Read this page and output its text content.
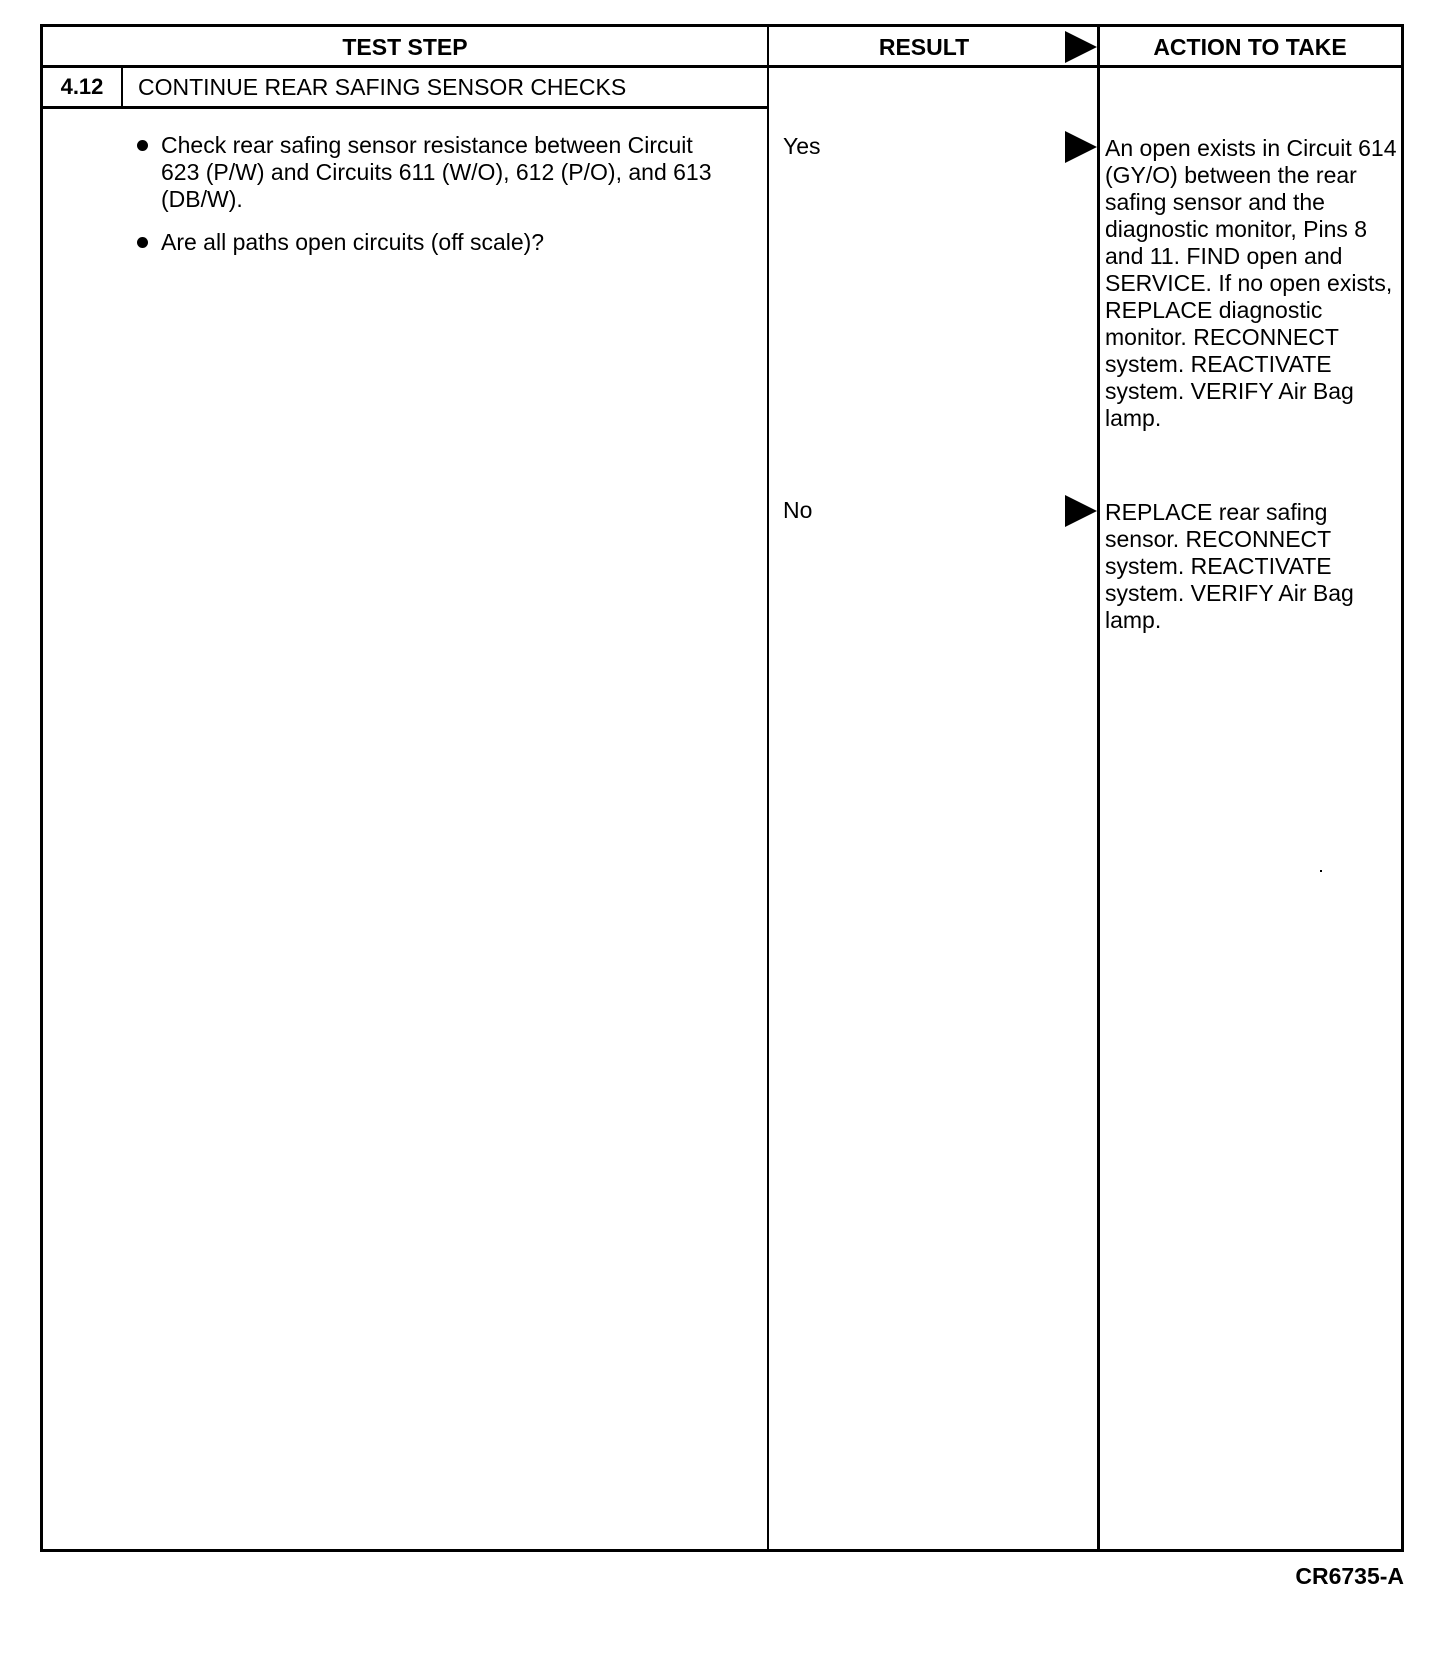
TEST STEP	RESULT	ACTION TO TAKE
4.12	CONTINUE REAR SAFING SENSOR CHECKS
Check rear safing sensor resistance between Circuit 623 (P/W) and Circuits 611 (W/O), 612 (P/O), and 613 (DB/W).
Are all paths open circuits (off scale)?
Yes	An open exists in Circuit 614 (GY/O) between the rear safing sensor and the diagnostic monitor, Pins 8 and 11. FIND open and SERVICE. If no open exists, REPLACE diagnostic monitor. RECONNECT system. REACTIVATE system. VERIFY Air Bag lamp.
No	REPLACE rear safing sensor. RECONNECT system. REACTIVATE system. VERIFY Air Bag lamp.
CR6735-A
